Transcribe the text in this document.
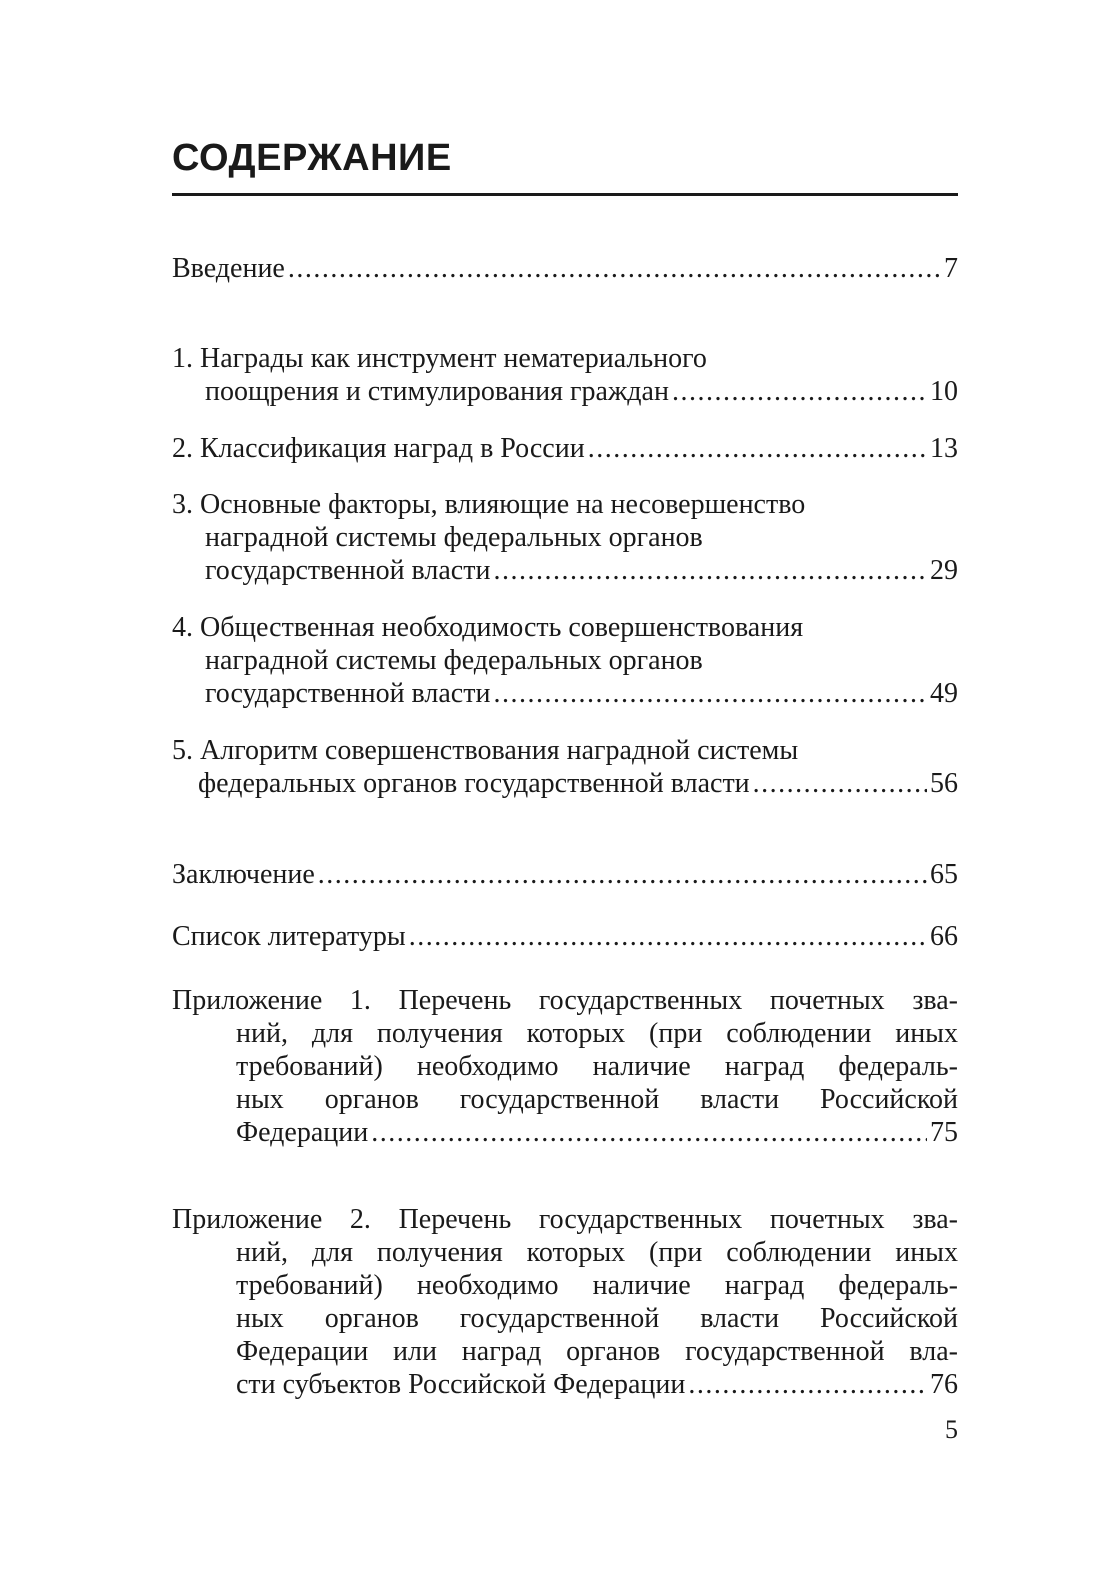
СОДЕРЖАНИЕ
Введение .....	7
1. Награды как инструмент нематериального
поощрения и стимулирования граждан .....	10
2. Классификация наград в России .....	13
3. Основные факторы, влияющие на несовершенство
наградной системы федеральных органов
государственной власти .....	29
4. Общественная необходимость совершенствования
наградной системы федеральных органов
государственной власти .....	49
5. Алгоритм совершенствования наградной системы
федеральных органов государственной власти .....	56
Заключение .....	65
Список литературы .....	66
Приложение 1. Перечень государственных почетных зва-
ний, для получения которых (при соблюдении иных
требований) необходимо наличие наград федераль-
ных органов государственной власти Российской
Федерации .....	75
Приложение 2. Перечень государственных почетных зва-
ний, для получения которых (при соблюдении иных
требований) необходимо наличие наград федераль-
ных органов государственной власти Российской
Федерации или наград органов государственной вла-
сти субъектов Российской Федерации .....	76
5
